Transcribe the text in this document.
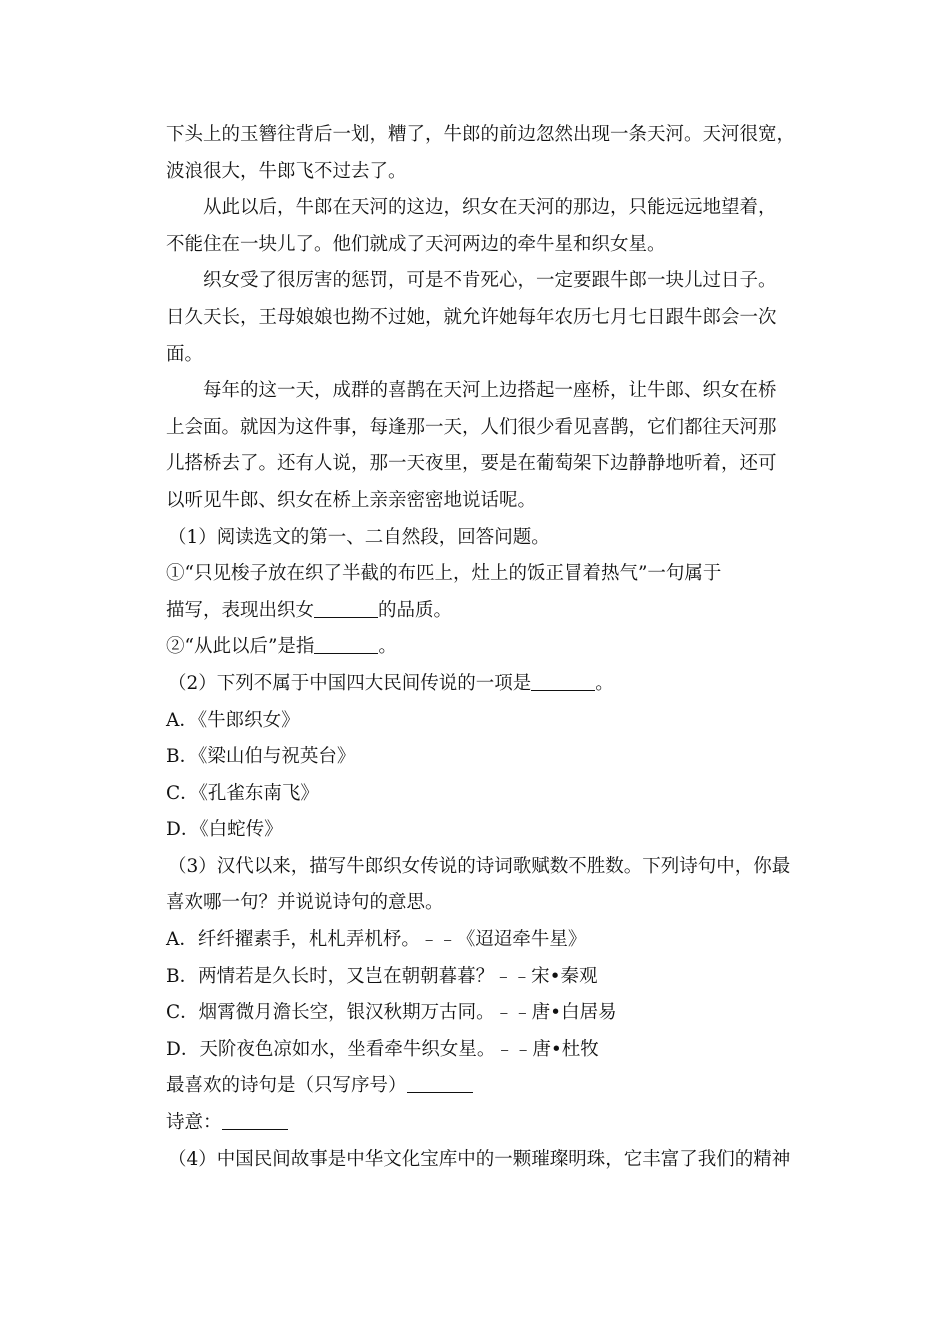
下头上的玉簪往背后一划，糟了，牛郎的前边忽然出现一条天河。天河很宽，
波浪很大，牛郎飞不过去了。
从此以后，牛郎在天河的这边，织女在天河的那边，只能远远地望着，
不能住在一块儿了。他们就成了天河两边的牵牛星和织女星。
织女受了很厉害的惩罚，可是不肯死心，一定要跟牛郎一块儿过日子。
日久天长，王母娘娘也拗不过她，就允许她每年农历七月七日跟牛郎会一次
面。
每年的这一天，成群的喜鹊在天河上边搭起一座桥，让牛郎、织女在桥
上会面。就因为这件事，每逢那一天，人们很少看见喜鹊，它们都往天河那
儿搭桥去了。还有人说，那一天夜里，要是在葡萄架下边静静地听着，还可
以听见牛郎、织女在桥上亲亲密密地说话呢。
（1）阅读选文的第一、二自然段，回答问题。
①“只见梭子放在织了半截的布匹上，灶上的饭正冒着热气”一句属于
描写，表现出织女	的品质。
②“从此以后”是指	。
（2）下列不属于中国四大民间传说的一项是	。
A．《牛郎织女》
B．《梁山伯与祝英台》
C．《孔雀东南飞》
D．《白蛇传》
（3）汉代以来，描写牛郎织女传说的诗词歌赋数不胜数。下列诗句中，你最
喜欢哪一句？并说说诗句的意思。
A．纤纤擢素手，札札弄机杼。﹣﹣《迢迢牵牛星》
B．两情若是久长时，又岂在朝朝暮暮？﹣﹣宋•秦观
C．烟霄微月澹长空，银汉秋期万古同。﹣﹣唐•白居易
D．天阶夜色凉如水，坐看牵牛织女星。﹣﹣唐•杜牧
最喜欢的诗句是（只写序号）
诗意：
（4）中国民间故事是中华文化宝库中的一颗璀璨明珠，它丰富了我们的精神
